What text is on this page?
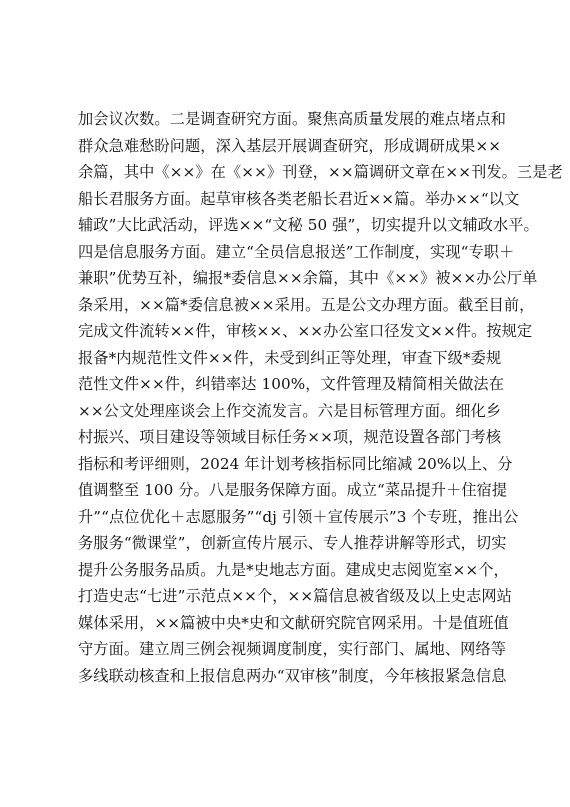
加会议次数。二是调查研究方面。聚焦高质量发展的难点堵点和
群众急难愁盼问题，深入基层开展调查研究，形成调研成果××
余篇，其中《××》在《××》刊登，××篇调研文章在××刊发。三是老
船长君服务方面。起草审核各类老船长君近××篇。举办××“以文
辅政”大比武活动，评选××“文秘 50 强”，切实提升以文辅政水平。
四是信息服务方面。建立“全员信息报送”工作制度，实现“专职＋
兼职”优势互补，编报*委信息××余篇，其中《××》被××办公厅单
条采用，××篇*委信息被××采用。五是公文办理方面。截至目前，
完成文件流转××件，审核××、××办公室口径发文××件。按规定
报备*内规范性文件××件，未受到纠正等处理，审查下级*委规
范性文件××件，纠错率达 100%，文件管理及精简相关做法在
××公文处理座谈会上作交流发言。六是目标管理方面。细化乡
村振兴、项目建设等领域目标任务××项，规范设置各部门考核
指标和考评细则，2024 年计划考核指标同比缩减 20%以上、分
值调整至 100 分。八是服务保障方面。成立“菜品提升＋住宿提
升”“点位优化＋志愿服务”“dj 引领＋宣传展示”3 个专班，推出公
务服务“微课堂”，创新宣传片展示、专人推荐讲解等形式，切实
提升公务服务品质。九是*史地志方面。建成史志阅览室××个，
打造史志“七进”示范点××个，××篇信息被省级及以上史志网站
媒体采用，××篇被中央*史和文献研究院官网采用。十是值班值
守方面。建立周三例会视频调度制度，实行部门、属地、网络等
多线联动核查和上报信息两办“双审核”制度，今年核报紧急信息
